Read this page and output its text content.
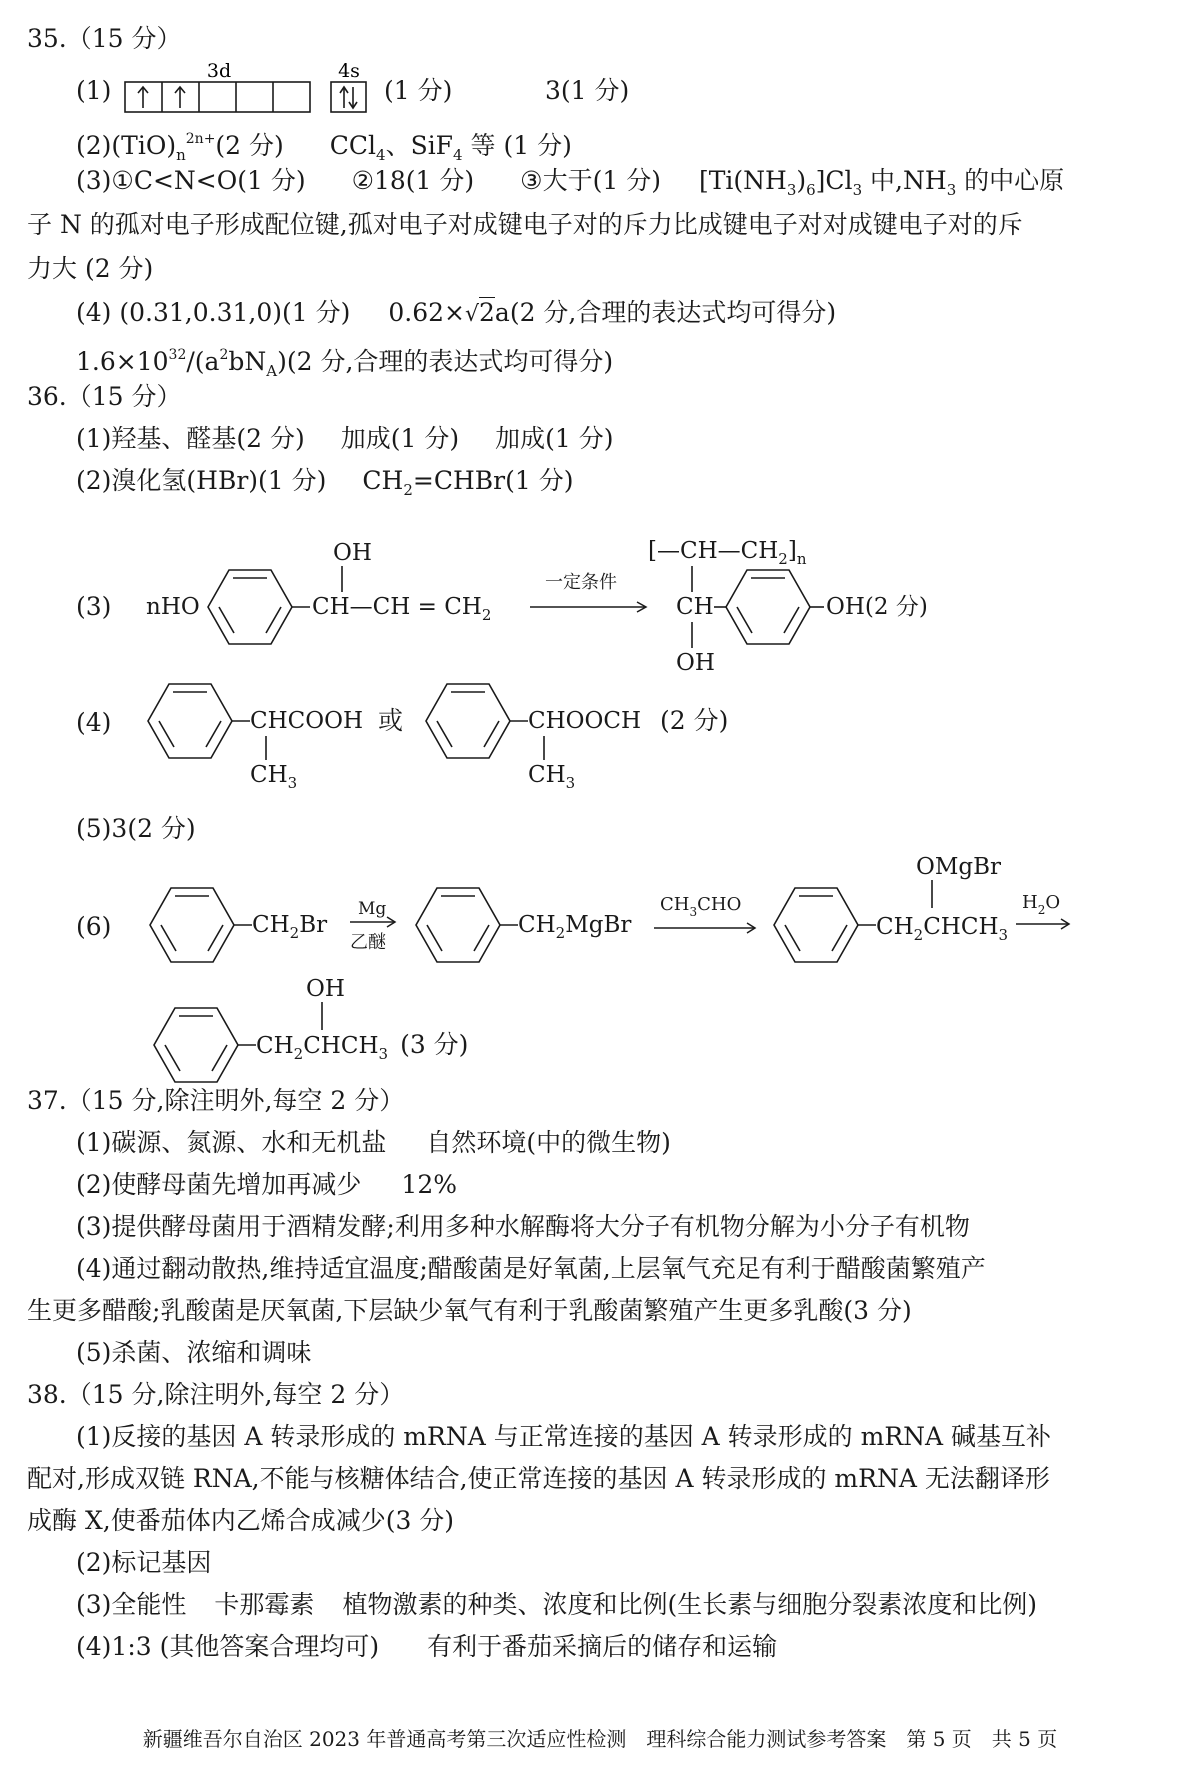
35.（15 分）
(1)
3d	4s
(1 分)	3(1 分)
$(2)(TiO)_n^{2n+}(2$ 分) CCl$_4$、SiF$_4$ 等 (1 分)
(3)①C<N<O(1 分) ②18(1 分) ③大于(1 分) $[Ti(NH_3)_6]Cl_3$ 中$,NH_3$ 的中心原
子 N 的孤对电子形成配位键,孤对电子对成键电子对的斥力比成键电子对对成键电子对的斥
力大 (2 分)
(4) (0.31,0.31,0)(1 分) 0.62×√2a(2 分,合理的表达式均可得分)
$1.6\times 10^{32}/(a^2bN_A)(2$ 分,合理的表达式均可得分)
36.（15 分）
(1)羟基、醛基(2 分) 加成(1 分) 加成(1 分)
(2)溴化氢(HBr)(1 分) $CH_2=CHBr(1$ 分)
(3) nHO
OH
CH—CH = $CH_2$
一定条件
$[—CH—CH_2]_n$
CH
OH
OH(2 分)
(4)	CHCOOH
$CH_3$
或	CHOOCH
$CH_3$
(2 分)
(5)3(2 分)
(6)	$CH_2Br$
Mg
乙醚
$CH_2MgBr$
$CH_3CHO$
OMgBr
$CH_2CHCH_3$
$H_2O$
OH
$CH_2CHCH_3$ (3 分)
37.（15 分,除注明外,每空 2 分）
(1)碳源、氮源、水和无机盐 自然环境(中的微生物)
(2)使酵母菌先增加再减少 12%
(3)提供酵母菌用于酒精发酵;利用多种水解酶将大分子有机物分解为小分子有机物
(4)通过翻动散热,维持适宜温度;醋酸菌是好氧菌,上层氧气充足有利于醋酸菌繁殖产
生更多醋酸;乳酸菌是厌氧菌,下层缺少氧气有利于乳酸菌繁殖产生更多乳酸(3 分)
(5)杀菌、浓缩和调味
38.（15 分,除注明外,每空 2 分）
(1)反接的基因 A 转录形成的 mRNA 与正常连接的基因 A 转录形成的 mRNA 碱基互补
配对,形成双链 RNA,不能与核糖体结合,使正常连接的基因 A 转录形成的 mRNA 无法翻译形
成酶 X,使番茄体内乙烯合成减少(3 分)
(2)标记基因
(3)全能性 卡那霉素 植物激素的种类、浓度和比例(生长素与细胞分裂素浓度和比例)
(4)1:3 (其他答案合理均可) 有利于番茄采摘后的储存和运输
新疆维吾尔自治区 2023 年普通高考第三次适应性检测　理科综合能力测试参考答案　第 5 页　共 5 页
